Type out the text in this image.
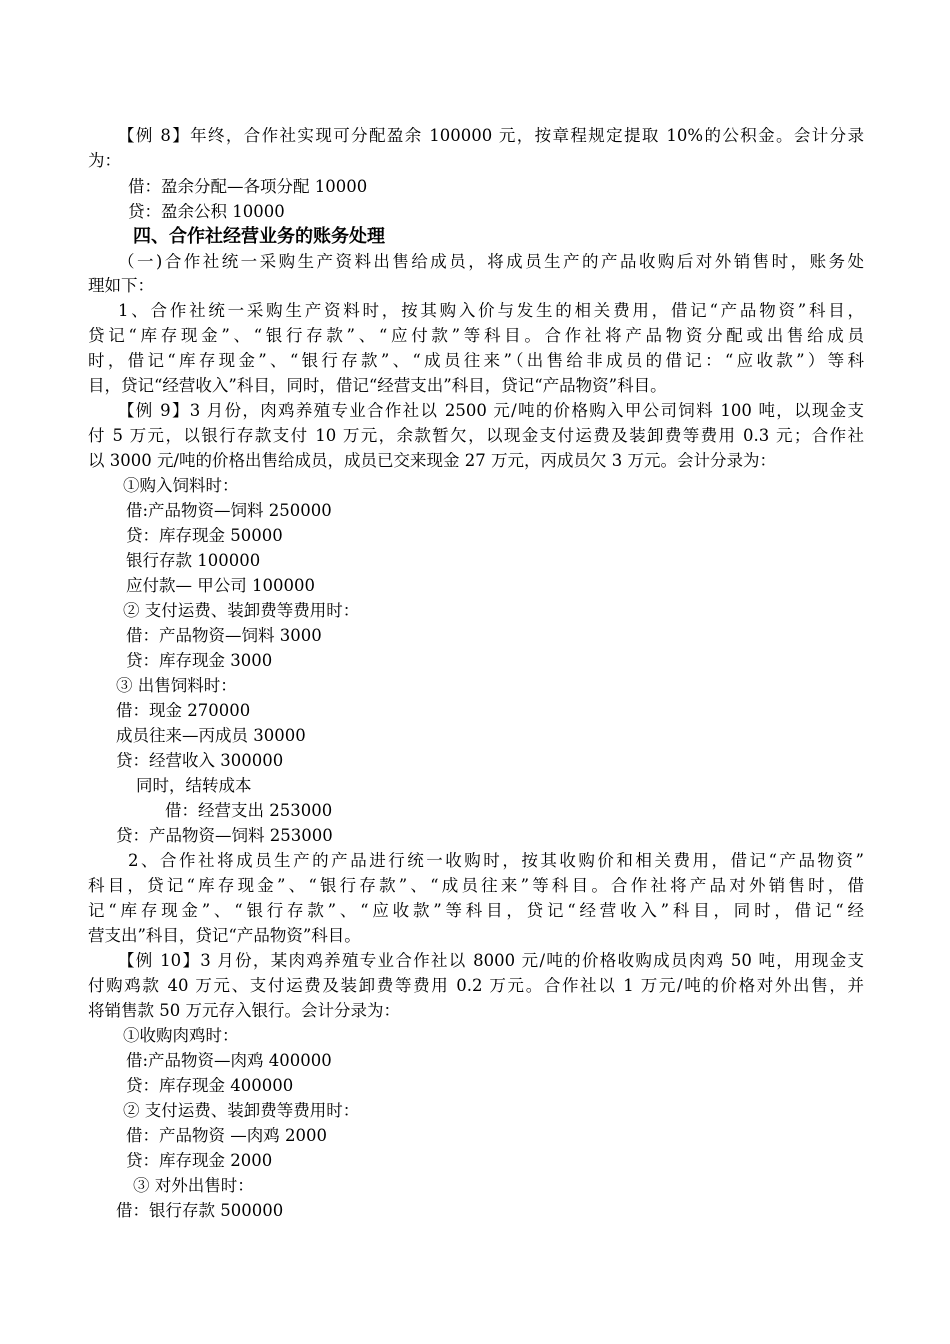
【例 8】年终，合作社实现可分配盈余 100000 元，按章程规定提取 10%的公积金。会计分录
为：
借：盈余分配—各项分配 10000
贷：盈余公积 10000
四、合作社经营业务的账务处理
（一)合作社统一采购生产资料出售给成员，将成员生产的产品收购后对外销售时，账务处
理如下：
1、合作社统一采购生产资料时，按其购入价与发生的相关费用，借记“产品物资”科目，
贷记“库存现金”、“银行存款”、“应付款”等科目。合作社将产品物资分配或出售给成员
时，借记“库存现金”、“银行存款”、“成员往来”（出售给非成员的借记：“应收款”）等科
目，贷记“经营收入”科目，同时，借记“经营支出”科目，贷记“产品物资”科目。
【例 9】3 月份，肉鸡养殖专业合作社以 2500 元/吨的价格购入甲公司饲料 100 吨，以现金支
付 5 万元，以银行存款支付 10 万元，余款暂欠，以现金支付运费及装卸费等费用 0.3 元；合作社
以 3000 元/吨的价格出售给成员，成员已交来现金 27 万元，丙成员欠 3 万元。会计分录为：
①购入饲料时：
借:产品物资—饲料 250000
贷：库存现金 50000
银行存款 100000
应付款— 甲公司 100000
② 支付运费、装卸费等费用时：
借：产品物资—饲料 3000
贷：库存现金 3000
③ 出售饲料时：
借：现金 270000
成员往来—丙成员 30000
贷：经营收入 300000
同时，结转成本
借：经营支出 253000
贷：产品物资—饲料 253000
2、合作社将成员生产的产品进行统一收购时，按其收购价和相关费用，借记“产品物资”
科目，贷记“库存现金”、“银行存款”、“成员往来”等科目。合作社将产品对外销售时，借
记“库存现金”、“银行存款”、“应收款”等科目，贷记“经营收入”科目，同时，借记“经
营支出”科目，贷记“产品物资”科目。
【例 10】3 月份，某肉鸡养殖专业合作社以 8000 元/吨的价格收购成员肉鸡 50 吨，用现金支
付购鸡款 40 万元、支付运费及装卸费等费用 0.2 万元。合作社以 1 万元/吨的价格对外出售，并
将销售款 50 万元存入银行。会计分录为：
①收购肉鸡时：
借:产品物资—肉鸡 400000
贷：库存现金 400000
② 支付运费、装卸费等费用时：
借：产品物资 —肉鸡 2000
贷：库存现金 2000
③ 对外出售时：
借：银行存款 500000
